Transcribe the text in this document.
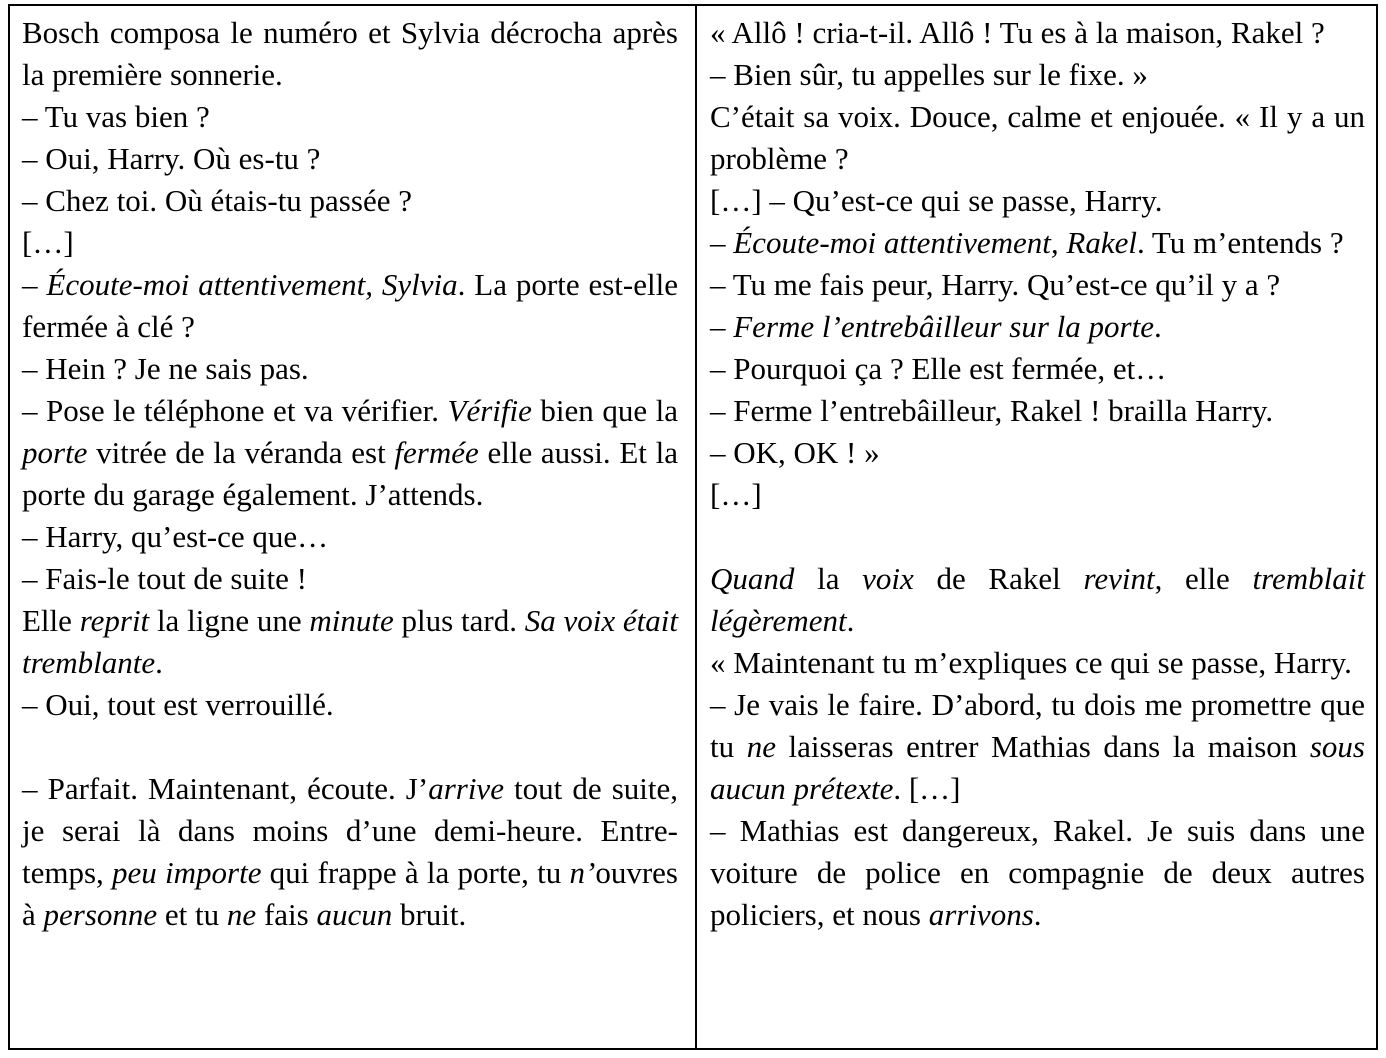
Bosch composa le numéro et Sylvia décrocha après la première sonnerie.
– Tu vas bien ?
– Oui, Harry. Où es-tu ?
– Chez toi. Où étais-tu passée ?
[…]
– Écoute-moi attentivement, Sylvia. La porte est-elle fermée à clé ?
– Hein ? Je ne sais pas.
– Pose le téléphone et va vérifier. Vérifie bien que la porte vitrée de la véranda est fermée elle aussi. Et la porte du garage également. J’attends.
– Harry, qu’est-ce que…
– Fais-le tout de suite !
Elle reprit la ligne une minute plus tard. Sa voix était tremblante.
– Oui, tout est verrouillé.
– Parfait. Maintenant, écoute. J’arrive tout de suite, je serai là dans moins d’une demi-heure. Entre-temps, peu importe qui frappe à la porte, tu n’ouvres à personne et tu ne fais aucun bruit.
« Allô ! cria-t-il. Allô ! Tu es à la maison, Rakel ?
– Bien sûr, tu appelles sur le fixe. »
C’était sa voix. Douce, calme et enjouée. « Il y a un problème ?
[…] – Qu’est-ce qui se passe, Harry.
– Écoute-moi attentivement, Rakel. Tu m’entends ?
– Tu me fais peur, Harry. Qu’est-ce qu’il y a ?
– Ferme l’entrebâilleur sur la porte.
– Pourquoi ça ? Elle est fermée, et…
– Ferme l’entrebâilleur, Rakel ! brailla Harry.
– OK, OK ! »
[…]
Quand la voix de Rakel revint, elle tremblait légèrement.
« Maintenant tu m’expliques ce qui se passe, Harry.
– Je vais le faire. D’abord, tu dois me promettre que tu ne laisseras entrer Mathias dans la maison sous aucun prétexte. […]
– Mathias est dangereux, Rakel. Je suis dans une voiture de police en compagnie de deux autres policiers, et nous arrivons.
